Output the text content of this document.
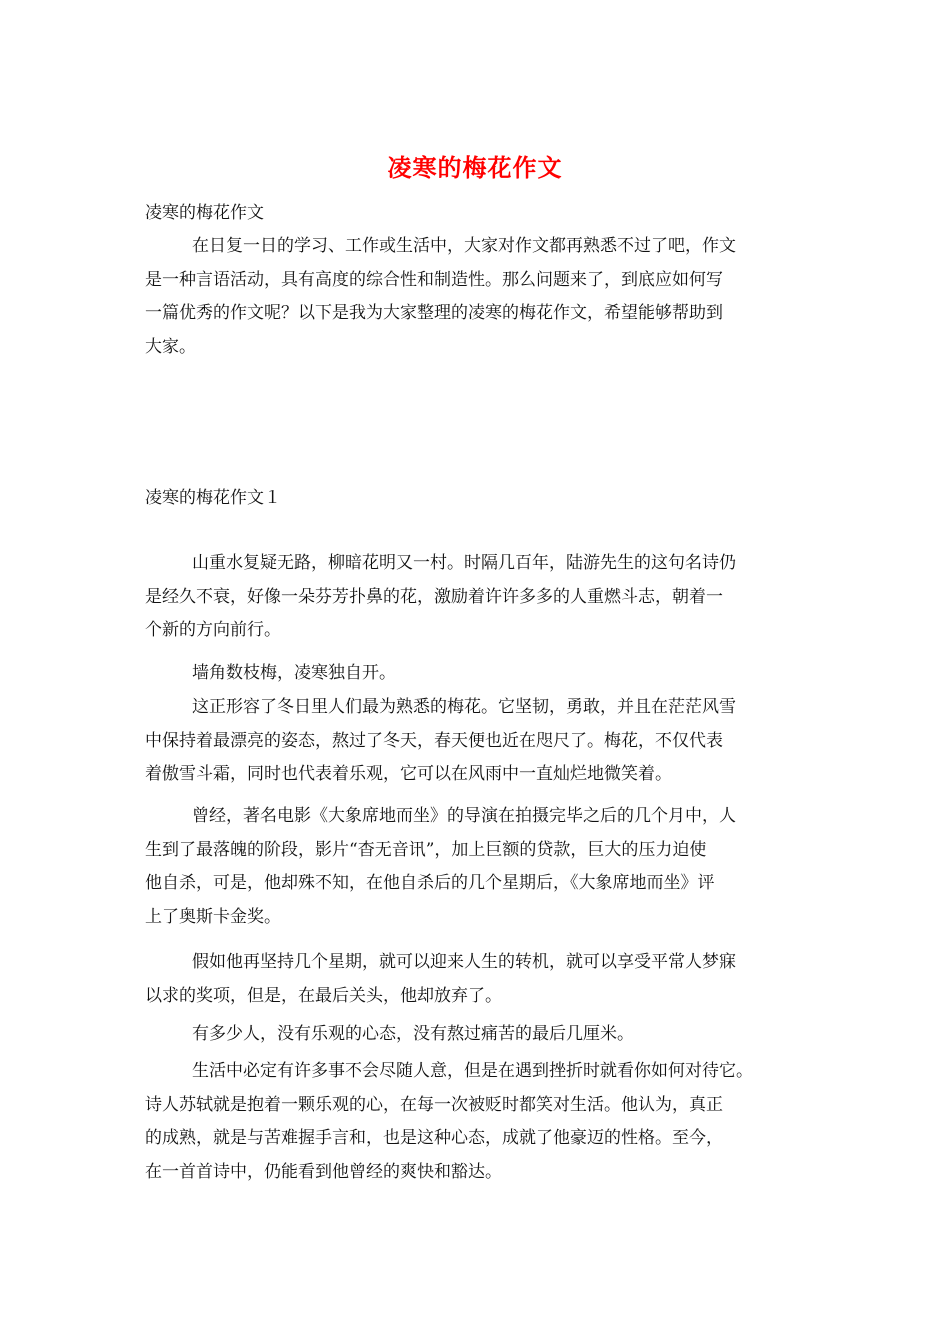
凌寒的梅花作文
凌寒的梅花作文
在日复一日的学习、工作或生活中，大家对作文都再熟悉不过了吧，作文
是一种言语活动，具有高度的综合性和制造性。那么问题来了，到底应如何写
一篇优秀的作文呢？以下是我为大家整理的凌寒的梅花作文，希望能够帮助到
大家。
凌寒的梅花作文１
山重水复疑无路，柳暗花明又一村。时隔几百年，陆游先生的这句名诗仍
是经久不衰，好像一朵芬芳扑鼻的花，激励着许许多多的人重燃斗志，朝着一
个新的方向前行。
墙角数枝梅，凌寒独自开。
这正形容了冬日里人们最为熟悉的梅花。它坚韧，勇敢，并且在茫茫风雪
中保持着最漂亮的姿态，熬过了冬天，春天便也近在咫尺了。梅花，不仅代表
着傲雪斗霜，同时也代表着乐观，它可以在风雨中一直灿烂地微笑着。
曾经，著名电影《大象席地而坐》的导演在拍摄完毕之后的几个月中，人
生到了最落魄的阶段，影片“杳无音讯”，加上巨额的贷款，巨大的压力迫使
他自杀，可是，他却殊不知，在他自杀后的几个星期后，《大象席地而坐》评
上了奥斯卡金奖。
假如他再坚持几个星期，就可以迎来人生的转机，就可以享受平常人梦寐
以求的奖项，但是，在最后关头，他却放弃了。
有多少人，没有乐观的心态，没有熬过痛苦的最后几厘米。
生活中必定有许多事不会尽随人意，但是在遇到挫折时就看你如何对待它。
诗人苏轼就是抱着一颗乐观的心，在每一次被贬时都笑对生活。他认为，真正
的成熟，就是与苦难握手言和，也是这种心态，成就了他豪迈的性格。至今，
在一首首诗中，仍能看到他曾经的爽快和豁达。
